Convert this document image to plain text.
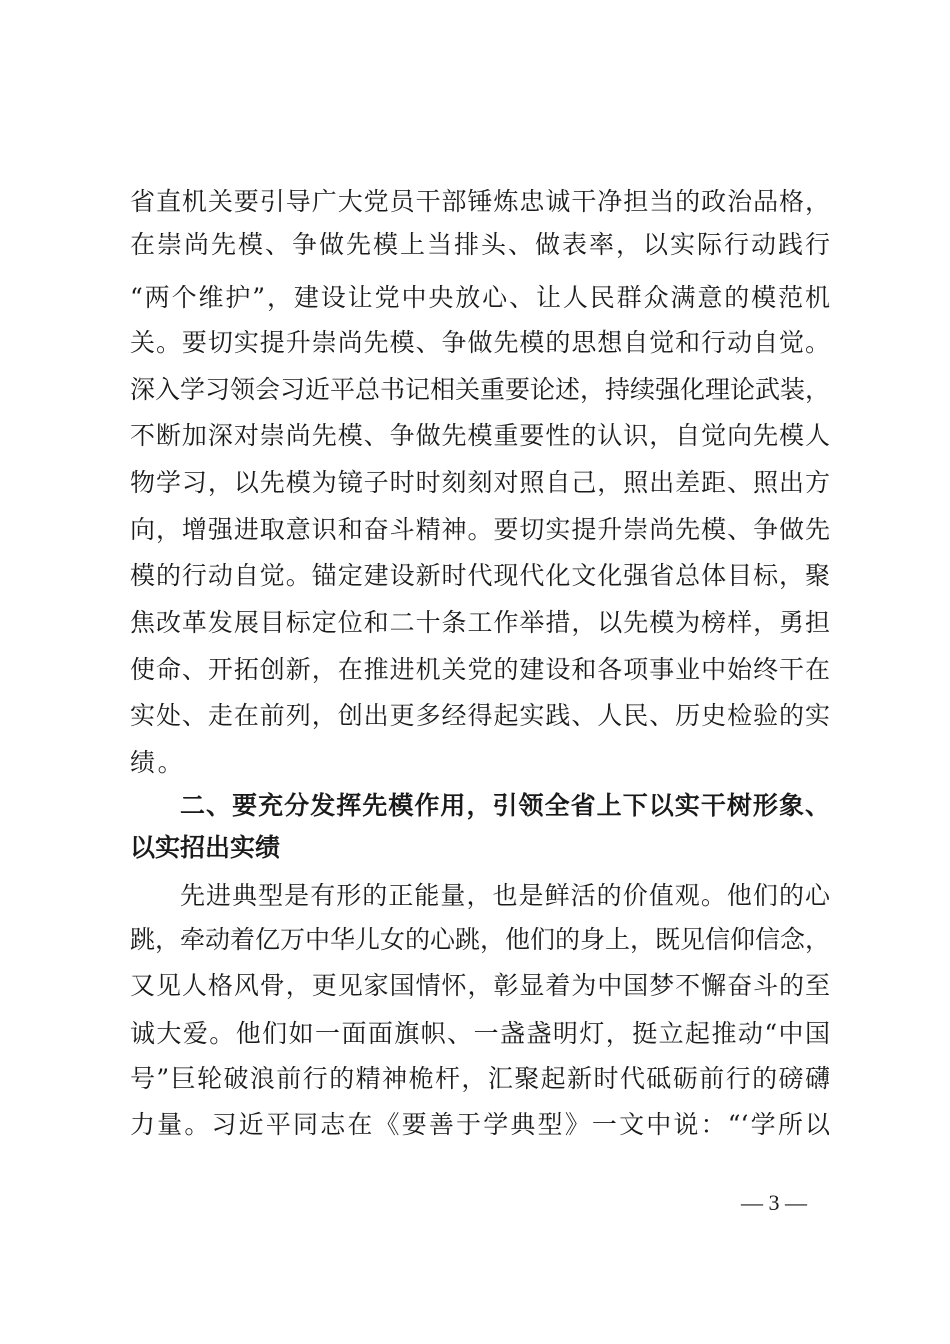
省直机关要引导广大党员干部锤炼忠诚干净担当的政治品格，
在崇尚先模、争做先模上当排头、做表率，以实际行动践行
“两个维护”，建设让党中央放心、让人民群众满意的模范机
关。要切实提升崇尚先模、争做先模的思想自觉和行动自觉。
深入学习领会习近平总书记相关重要论述，持续强化理论武装，
不断加深对崇尚先模、争做先模重要性的认识，自觉向先模人
物学习，以先模为镜子时时刻刻对照自己，照出差距、照出方
向，增强进取意识和奋斗精神。要切实提升崇尚先模、争做先
模的行动自觉。锚定建设新时代现代化文化强省总体目标，聚
焦改革发展目标定位和二十条工作举措，以先模为榜样，勇担
使命、开拓创新，在推进机关党的建设和各项事业中始终干在
实处、走在前列，创出更多经得起实践、人民、历史检验的实
绩。
二、要充分发挥先模作用，引领全省上下以实干树形象、
以实招出实绩
先进典型是有形的正能量，也是鲜活的价值观。他们的心
跳，牵动着亿万中华儿女的心跳，他们的身上，既见信仰信念，
又见人格风骨，更见家国情怀，彰显着为中国梦不懈奋斗的至
诚大爱。他们如一面面旗帜、一盏盏明灯，挺立起推动“中国
号”巨轮破浪前行的精神桅杆，汇聚起新时代砥砺前行的磅礴
力量。习近平同志在《要善于学典型》一文中说：“‘学所以
— 3 —
